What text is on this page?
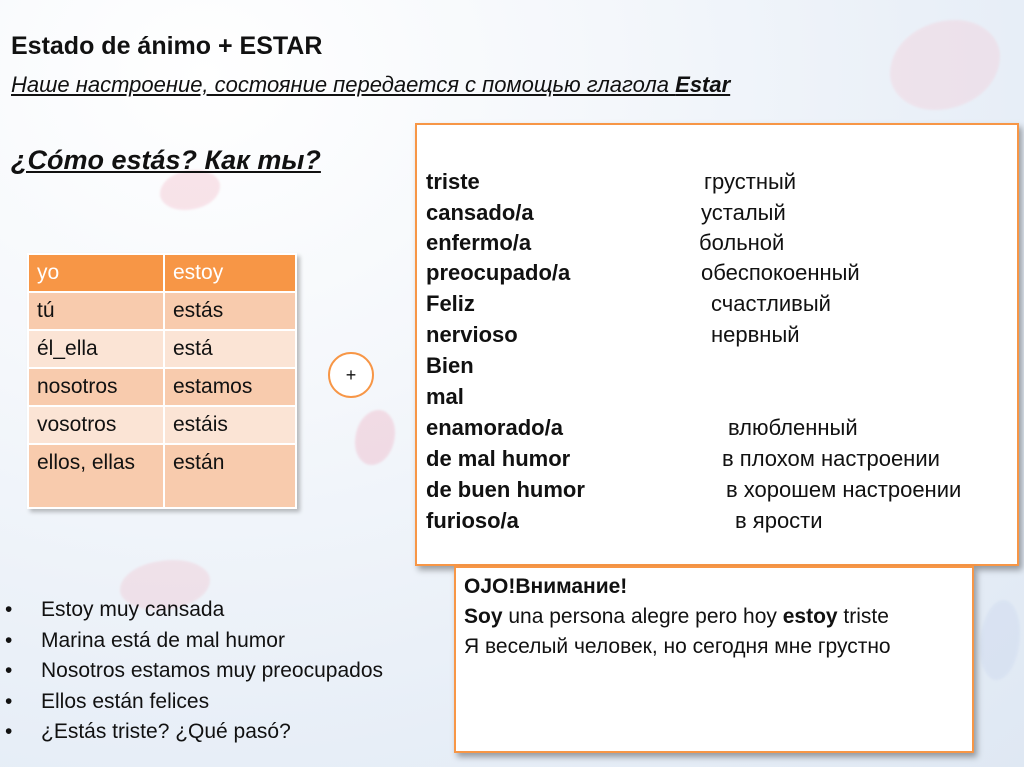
Estado de ánimo + ESTAR
Наше настроение, состояние передается с помощью глагола Estar
¿Cómo estás? Как ты?
yo	estoy
tú	estás
él_ella	está
nosotros	estamos
vosotros	estáis
ellos, ellas	están
+
triste	грустный
cansado/a	усталый
enfermo/a	больной
preocupado/a	обеспокоенный
Feliz	счастливый
nervioso	нервный
Bien
mal
enamorado/a	влюбленный
de mal humor	в плохом настроении
de buen humor	в хорошем настроении
furioso/a	в ярости
OJO!Внимание!
Soy una persona alegre pero hoy estoy triste
Я веселый человек, но сегодня мне грустно
• Estoy muy cansada
• Marina está de mal humor
• Nosotros estamos muy preocupados
• Ellos están felices
• ¿Estás triste? ¿Qué pasó?
